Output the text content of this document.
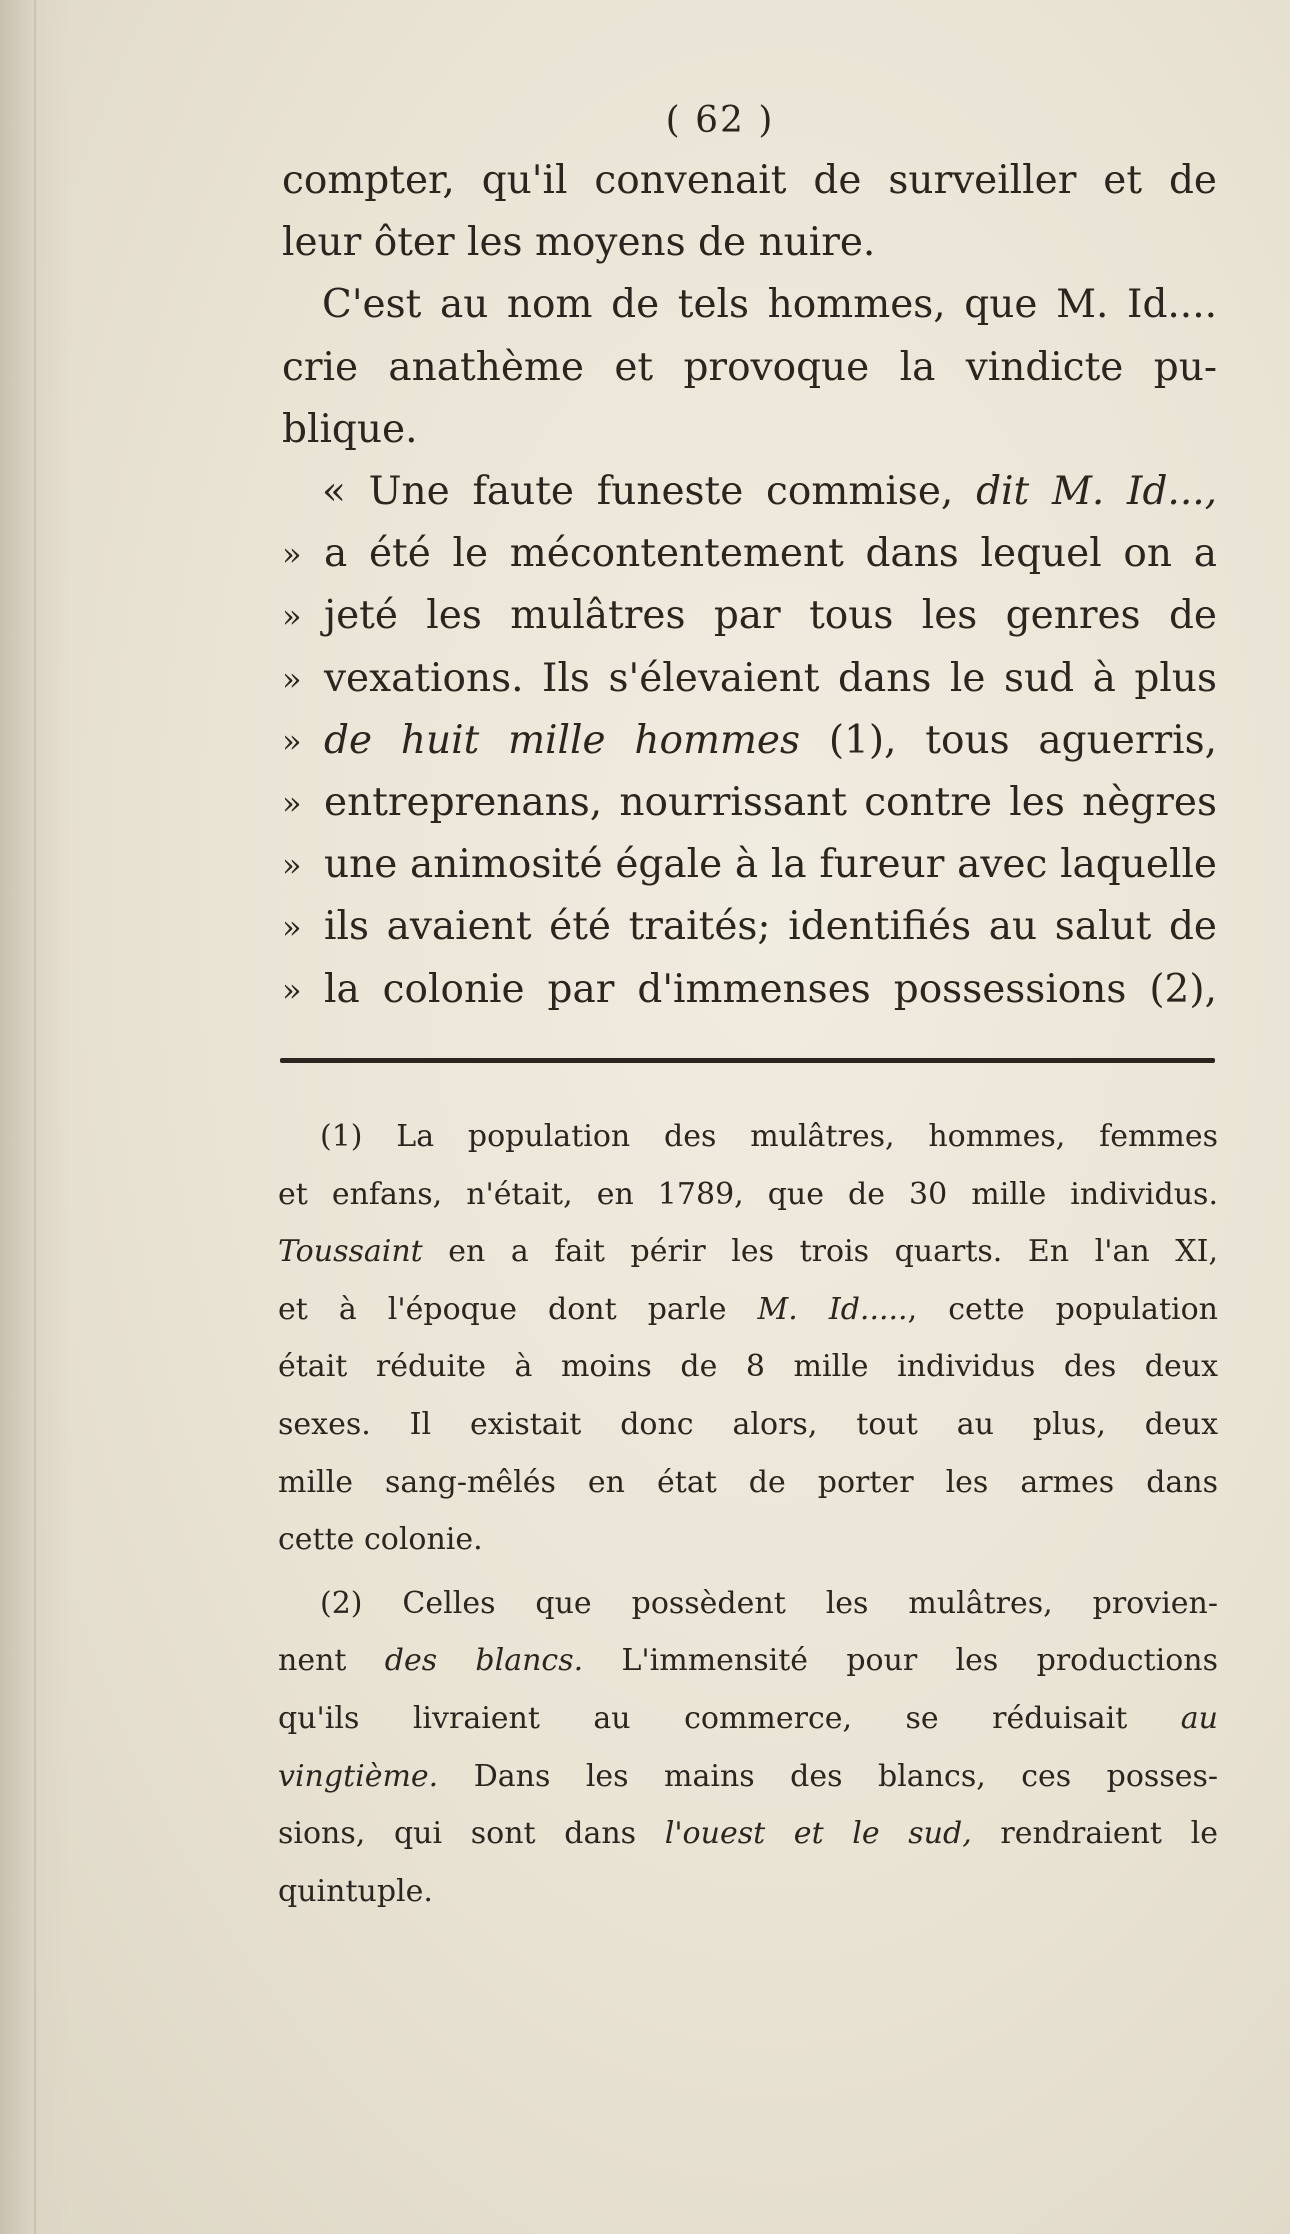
( 62 )
compter, qu'il convenait de surveiller et de
leur ôter les moyens de nuire.
C'est au nom de tels hommes, que M. Id....
crie anathème et provoque la vindicte pu-
blique.
« Une faute funeste commise, dit M. Id...,
» a été le mécontentement dans lequel on a
» jeté les mulâtres par tous les genres de
» vexations. Ils s'élevaient dans le sud à plus
» de huit mille hommes (1), tous aguerris,
» entreprenans, nourrissant contre les nègres
» une animosité égale à la fureur avec laquelle
» ils avaient été traités; identifiés au salut de
» la colonie par d'immenses possessions (2),
(1) La population des mulâtres, hommes, femmes
et enfans, n'était, en 1789, que de 30 mille individus.
Toussaint en a fait périr les trois quarts. En l'an XI,
et à l'époque dont parle M. Id....., cette population
était réduite à moins de 8 mille individus des deux
sexes. Il existait donc alors, tout au plus, deux
mille sang-mêlés en état de porter les armes dans
cette colonie.
(2) Celles que possèdent les mulâtres, provien-
nent des blancs. L'immensité pour les productions
qu'ils livraient au commerce, se réduisait au
vingtième. Dans les mains des blancs, ces posses-
sions, qui sont dans l'ouest et le sud, rendraient le
quintuple.
